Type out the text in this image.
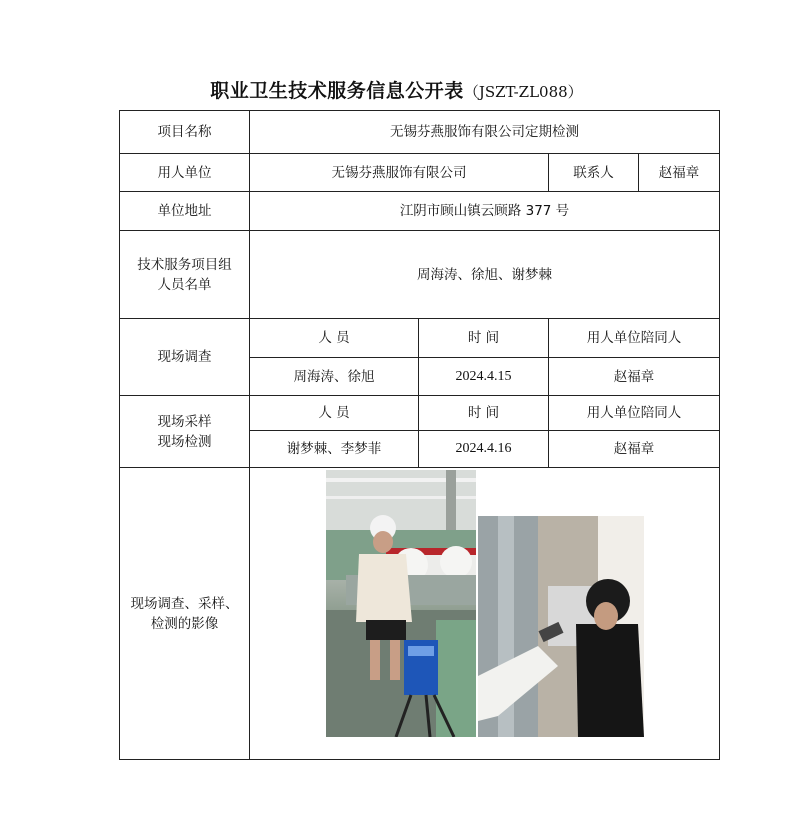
职业卫生技术服务信息公开表（JSZT-ZL088）
项目名称	无锡芬燕服饰有限公司定期检测			
用人单位	无锡芬燕服饰有限公司		联系人	赵福章
单位地址	江阴市顾山镇云顾路 377 号			

技术服务项目组
人员名单	周海涛、徐旭、谢梦棘			
现场调查	人 员	时 间	用人单位陪同人	
	周海涛、徐旭	2024.4.15	赵福章	

现场采样
现场检测	人 员	时 间	用人单位陪同人	
	谢梦棘、李梦菲	2024.4.16	赵福章	

现场调查、采样、
检测的影像
